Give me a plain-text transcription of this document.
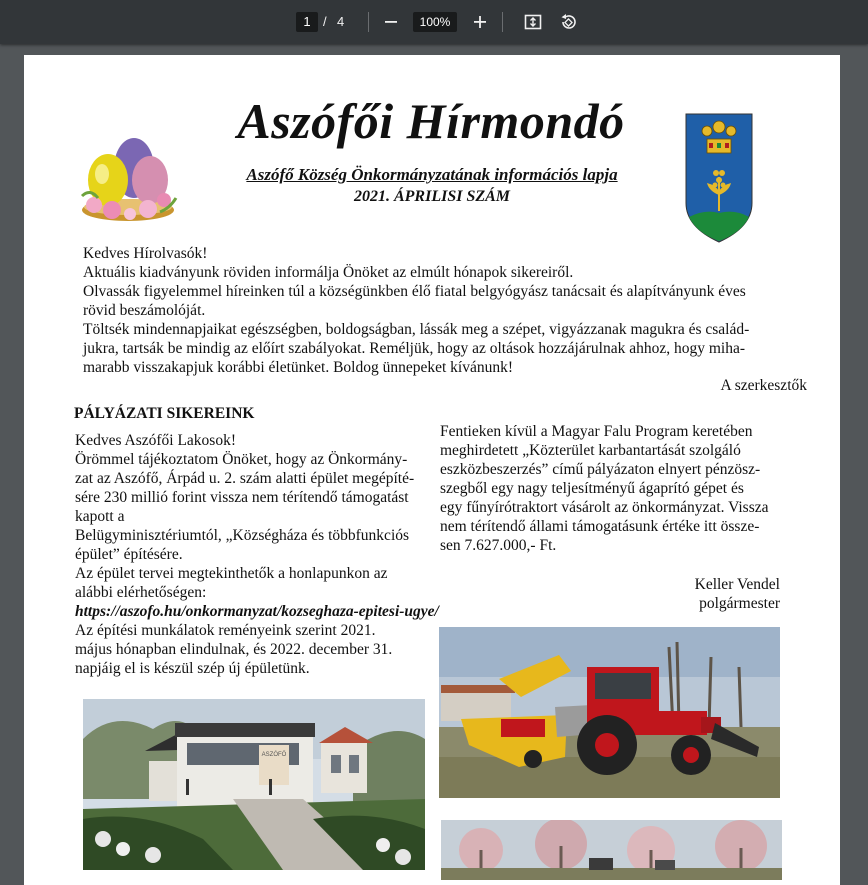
1 / 4	100%
Aszófői Hírmondó
Aszófő Község Önkormányzatának információs lapja
2021. ÁPRILISI SZÁM
Kedves Hírolvasók!
Aktuális kiadványunk röviden informálja Önöket az elmúlt hónapok sikereiről.
Olvassák figyelemmel híreinken túl a községünkben élő fiatal belgyógyász tanácsait és alapítványunk éves
rövid beszámolóját.
Töltsék mindennapjaikat egészségben, boldogságban, lássák meg a szépet, vigyázzanak magukra és család-
jukra, tartsák be mindig az előírt szabályokat. Reméljük, hogy az oltások hozzájárulnak ahhoz, hogy miha-
marabb visszakapjuk korábbi életünket. Boldog ünnepeket kívánunk!
A szerkesztők
PÁLYÁZATI SIKEREINK
Kedves Aszófői Lakosok!
Örömmel tájékoztatom Önöket, hogy az Önkormány-
zat az Aszófő, Árpád u. 2. szám alatti épület megépíté-
sére 230 millió forint vissza nem térítendő támogatást
kapott a
Belügyminisztériumtól, „Községháza és többfunkciós
épület” építésére.
Az épület tervei megtekinthetők a honlapunkon az
alábbi elérhetőségen:
https://aszofo.hu/onkormanyzat/kozseghaza-epitesi-ugye/
Az építési munkálatok reményeink szerint 2021.
május hónapban elindulnak, és 2022. december 31.
napjáig el is készül szép új épületünk.
Fentieken kívül a Magyar Falu Program keretében
meghirdetett „Közterület karbantartását szolgáló
eszközbeszerzés” című pályázaton elnyert pénzösz-
szegből egy nagy teljesítményű ágaprító gépet és
egy fűnyírótraktort vásárolt az önkormányzat. Vissza
nem térítendő állami támogatásunk értéke itt össze-
sen 7.627.000,- Ft.
Keller Vendel
polgármester
ASZÓFŐ
